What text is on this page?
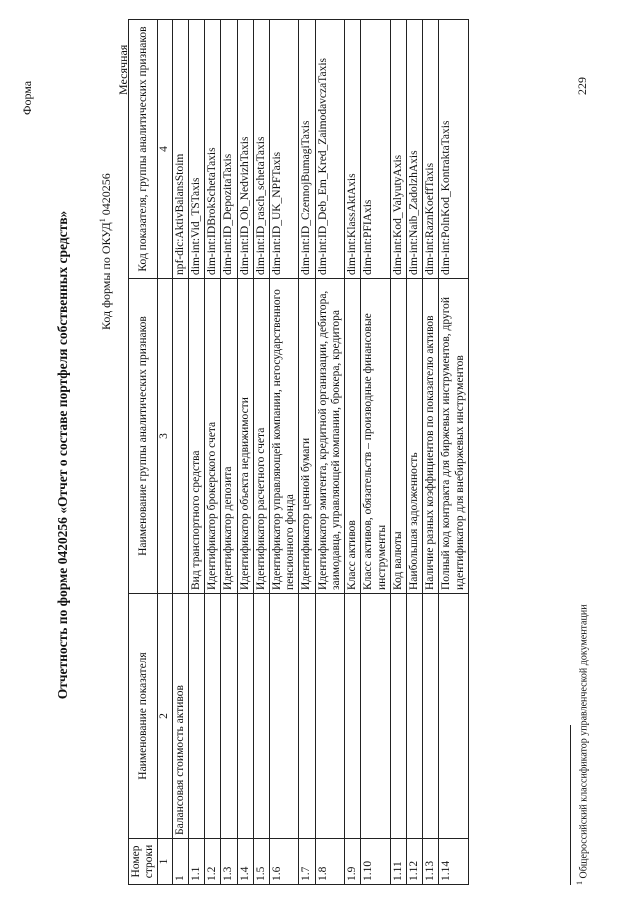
Форма
Отчетность по форме 0420256 «Отчет о составе портфеля собственных средств» Код формы по ОКУД$^1$ 0420256
Месячная
Номер строки	Наименование показателя	Наименование группы аналитических признаков	Код показателя, группы аналитических признаков
1	2	3	4
1	Балансовая стоимость активов		npf-dic:AktivBalansStoim
1.1		Вид транспортного средства	dim-int:Vid_TSTaxis
1.2		Идентификатор брокерского счета	dim-int:IDBrokSchetaTaxis
1.3		Идентификатор депозита	dim-int:ID_DepozitaTaxis
1.4		Идентификатор объекта недвижимости	dim-int:ID_Ob_NedvizhTaxis
1.5		Идентификатор расчетного счета	dim-int:ID_rasch_schetaTaxis
1.6		Идентификатор управляющей компании, негосударственного пенсионного фонда	dim-int:ID_UK_NPFTaxis
1.7		Идентификатор ценной бумаги	dim-int:ID_CzennojBumagiTaxis
1.8		Идентификатор эмитента, кредитной организации, дебитора, заимодавца, управляющей компании, брокера, кредитора	dim-int:ID_Deb_Em_Kred_ZaimodavczaTaxis
1.9		Класс активов	dim-int:KlassAktAxis
1.10		Класс активов, обязательств – производные финансовые инструменты	dim-int:PFIAxis
1.11		Код валюты	dim-int:Kod_ValyutyAxis
1.12		Наибольшая задолженность	dim-int:Naib_ZadolzhAxis
1.13		Наличие разных коэффициентов по показателю активов	dim-int:RaznKoeffTaxis
1.14		Полный код контракта для биржевых инструментов, другой идентификатор для внебиржевых инструментов	dim-int:PolnKod_KontraktaTaxis
$^1$ Общероссийский классификатор управленческой документации
229
